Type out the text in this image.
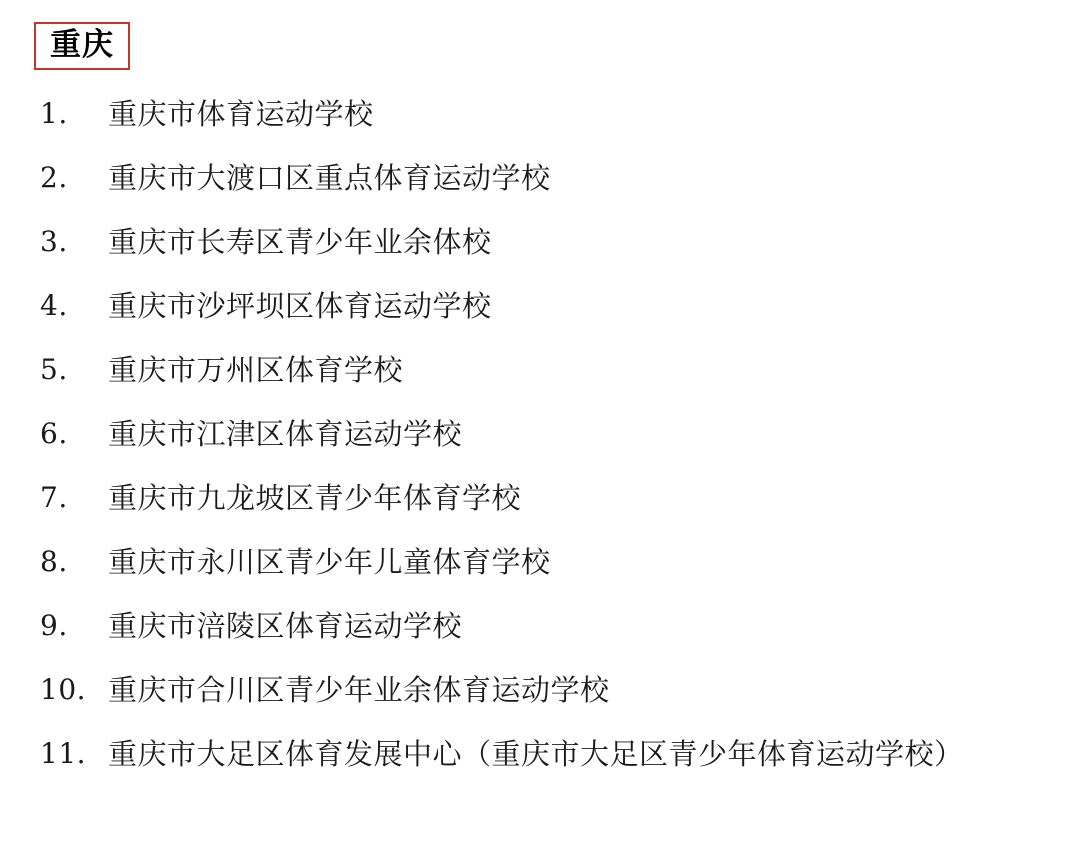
重庆
1.	重庆市体育运动学校
2.	重庆市大渡口区重点体育运动学校
3.	重庆市长寿区青少年业余体校
4.	重庆市沙坪坝区体育运动学校
5.	重庆市万州区体育学校
6.	重庆市江津区体育运动学校
7.	重庆市九龙坡区青少年体育学校
8.	重庆市永川区青少年儿童体育学校
9.	重庆市涪陵区体育运动学校
10. 重庆市合川区青少年业余体育运动学校
11. 重庆市大足区体育发展中心（重庆市大足区青少年体育运动学校）
